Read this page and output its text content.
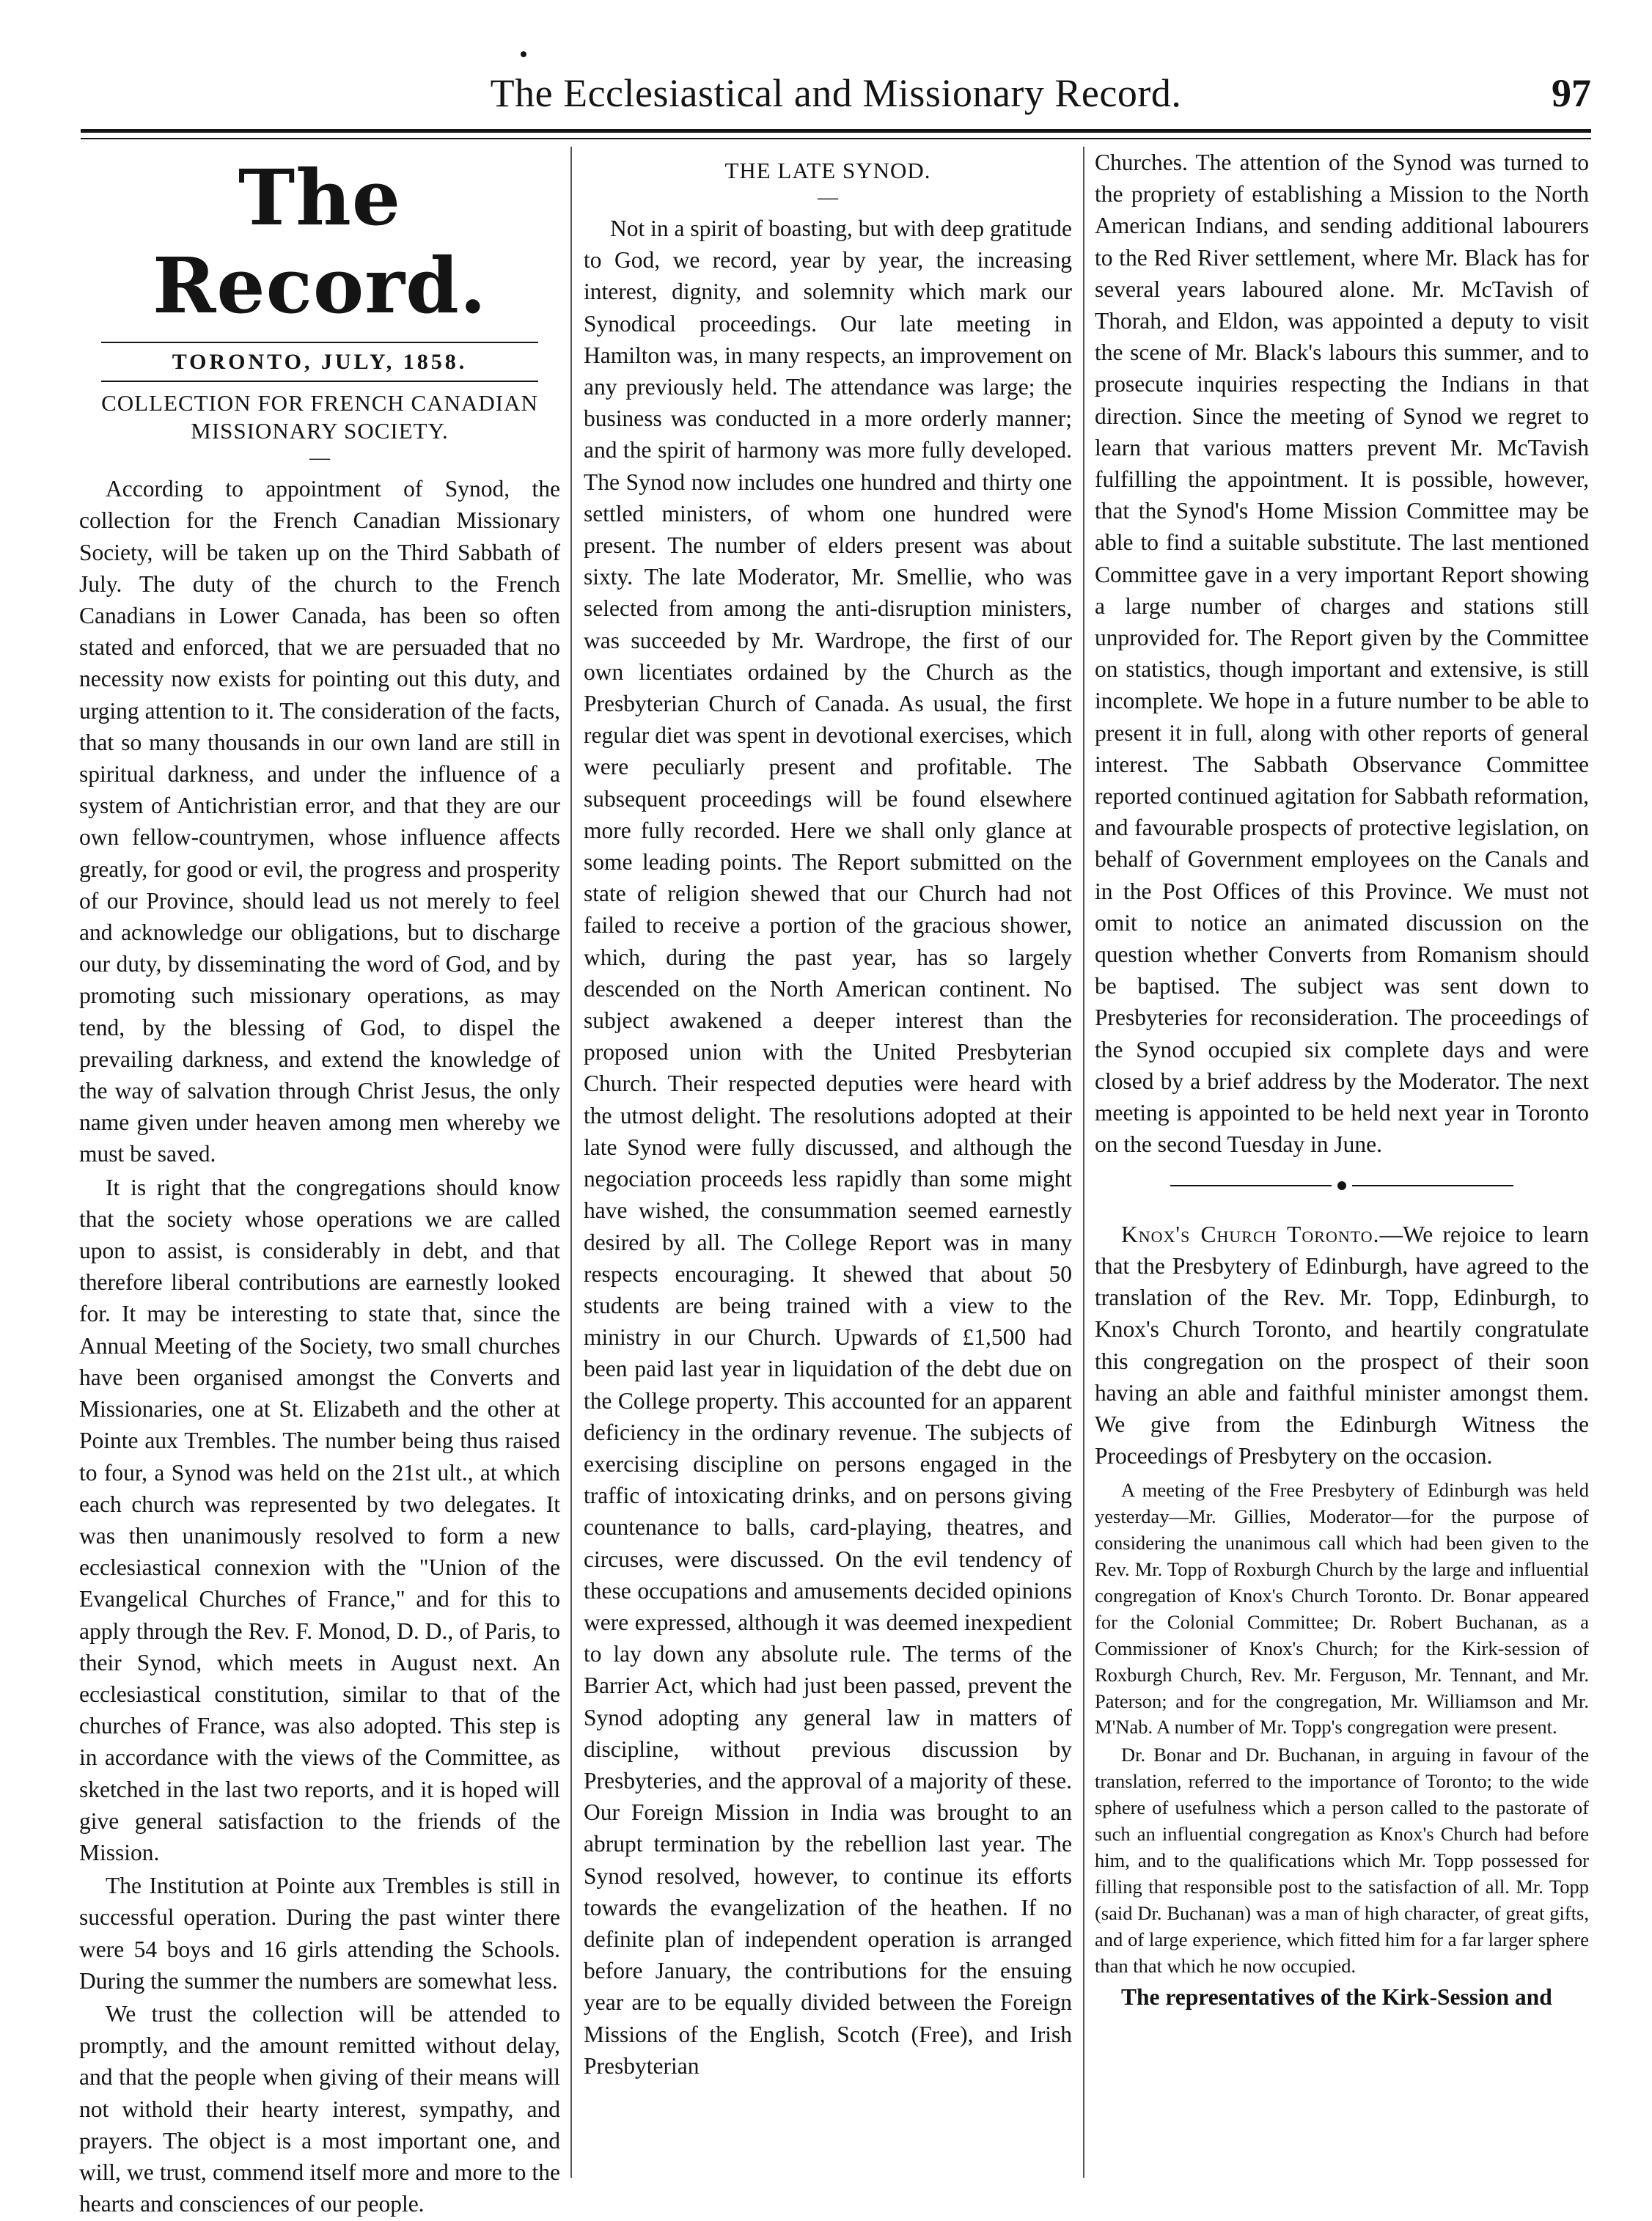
The Ecclesiastical and Missionary Record.	97
The Record.
TORONTO, JULY, 1858.
COLLECTION FOR FRENCH CANADIAN MISSIONARY SOCIETY.
—

According to appointment of Synod, the collection for the French Canadian Missionary Society, will be taken up on the Third Sabbath of July. The duty of the church to the French Canadians in Lower Canada, has been so often stated and enforced, that we are persuaded that no necessity now exists for pointing out this duty, and urging attention to it. The consideration of the facts, that so many thousands in our own land are still in spiritual darkness, and under the influence of a system of Antichristian error, and that they are our own fellow-countrymen, whose influence affects greatly, for good or evil, the progress and prosperity of our Province, should lead us not merely to feel and acknowledge our obligations, but to discharge our duty, by disseminating the word of God, and by promoting such missionary operations, as may tend, by the blessing of God, to dispel the prevailing darkness, and extend the knowledge of the way of salvation through Christ Jesus, the only name given under heaven among men whereby we must be saved.

It is right that the congregations should know that the society whose operations we are called upon to assist, is considerably in debt, and that therefore liberal contributions are earnestly looked for. It may be interesting to state that, since the Annual Meeting of the Society, two small churches have been organised amongst the Converts and Missionaries, one at St. Elizabeth and the other at Pointe aux Trembles. The number being thus raised to four, a Synod was held on the 21st ult., at which each church was represented by two delegates. It was then unanimously resolved to form a new ecclesiastical connexion with the "Union of the Evangelical Churches of France," and for this to apply through the Rev. F. Monod, D. D., of Paris, to their Synod, which meets in August next. An ecclesiastical constitution, similar to that of the churches of France, was also adopted. This step is in accordance with the views of the Committee, as sketched in the last two reports, and it is hoped will give general satisfaction to the friends of the Mission.

The Institution at Pointe aux Trembles is still in successful operation. During the past winter there were 54 boys and 16 girls attending the Schools. During the summer the numbers are somewhat less.

We trust the collection will be attended to promptly, and the amount remitted without delay, and that the people when giving of their means will not withold their hearty interest, sympathy, and prayers. The object is a most important one, and will, we trust, commend itself more and more to the hearts and consciences of our people.

THE LATE SYNOD.
—

Not in a spirit of boasting, but with deep gratitude to God, we record, year by year, the increasing interest, dignity, and solemnity which mark our Synodical proceedings. Our late meeting in Hamilton was, in many respects, an improvement on any previously held. The attendance was large; the business was conducted in a more orderly manner; and the spirit of harmony was more fully developed. The Synod now includes one hundred and thirty one settled ministers, of whom one hundred were present. The number of elders present was about sixty. The late Moderator, Mr. Smellie, who was selected from among the anti-disruption ministers, was succeeded by Mr. Wardrope, the first of our own licentiates ordained by the Church as the Presbyterian Church of Canada. As usual, the first regular diet was spent in devotional exercises, which were peculiarly present and profitable. The subsequent proceedings will be found elsewhere more fully recorded. Here we shall only glance at some leading points. The Report submitted on the state of religion shewed that our Church had not failed to receive a portion of the gracious shower, which, during the past year, has so largely descended on the North American continent. No subject awakened a deeper interest than the proposed union with the United Presbyterian Church. Their respected deputies were heard with the utmost delight. The resolutions adopted at their late Synod were fully discussed, and although the negociation proceeds less rapidly than some might have wished, the consummation seemed earnestly desired by all. The College Report was in many respects encouraging. It shewed that about 50 students are being trained with a view to the ministry in our Church. Upwards of £1,500 had been paid last year in liquidation of the debt due on the College property. This accounted for an apparent deficiency in the ordinary revenue. The subjects of exercising discipline on persons engaged in the traffic of intoxicating drinks, and on persons giving countenance to balls, card-playing, theatres, and circuses, were discussed. On the evil tendency of these occupations and amusements decided opinions were expressed, although it was deemed inexpedient to lay down any absolute rule. The terms of the Barrier Act, which had just been passed, prevent the Synod adopting any general law in matters of discipline, without previous discussion by Presbyteries, and the approval of a majority of these. Our Foreign Mission in India was brought to an abrupt termination by the rebellion last year. The Synod resolved, however, to continue its efforts towards the evangelization of the heathen. If no definite plan of independent operation is arranged before January, the contributions for the ensuing year are to be equally divided between the Foreign Missions of the English, Scotch (Free), and Irish Presbyterian

Churches. The attention of the Synod was turned to the propriety of establishing a Mission to the North American Indians, and sending additional labourers to the Red River settlement, where Mr. Black has for several years laboured alone. Mr. McTavish of Thorah, and Eldon, was appointed a deputy to visit the scene of Mr. Black's labours this summer, and to prosecute inquiries respecting the Indians in that direction. Since the meeting of Synod we regret to learn that various matters prevent Mr. McTavish fulfilling the appointment. It is possible, however, that the Synod's Home Mission Committee may be able to find a suitable substitute. The last mentioned Committee gave in a very important Report showing a large number of charges and stations still unprovided for. The Report given by the Committee on statistics, though important and extensive, is still incomplete. We hope in a future number to be able to present it in full, along with other reports of general interest. The Sabbath Observance Committee reported continued agitation for Sabbath reformation, and favourable prospects of protective legislation, on behalf of Government employees on the Canals and in the Post Offices of this Province. We must not omit to notice an animated discussion on the question whether Converts from Romanism should be baptised. The subject was sent down to Presbyteries for reconsideration. The proceedings of the Synod occupied six complete days and were closed by a brief address by the Moderator. The next meeting is appointed to be held next year in Toronto on the second Tuesday in June.

Knox's Church Toronto.—We rejoice to learn that the Presbytery of Edinburgh, have agreed to the translation of the Rev. Mr. Topp, Edinburgh, to Knox's Church Toronto, and heartily congratulate this congregation on the prospect of their soon having an able and faithful minister amongst them. We give from the Edinburgh Witness the Proceedings of Presbytery on the occasion.

A meeting of the Free Presbytery of Edinburgh was held yesterday—Mr. Gillies, Moderator—for the purpose of considering the unanimous call which had been given to the Rev. Mr. Topp of Roxburgh Church by the large and influential congregation of Knox's Church Toronto. Dr. Bonar appeared for the Colonial Committee; Dr. Robert Buchanan, as a Commissioner of Knox's Church; for the Kirk-session of Roxburgh Church, Rev. Mr. Ferguson, Mr. Tennant, and Mr. Paterson; and for the congregation, Mr. Williamson and Mr. M'Nab. A number of Mr. Topp's congregation were present.

Dr. Bonar and Dr. Buchanan, in arguing in favour of the translation, referred to the importance of Toronto; to the wide sphere of usefulness which a person called to the pastorate of such an influential congregation as Knox's Church had before him, and to the qualifications which Mr. Topp possessed for filling that responsible post to the satisfaction of all. Mr. Topp (said Dr. Buchanan) was a man of high character, of great gifts, and of large experience, which fitted him for a far larger sphere than that which he now occupied.

The representatives of the Kirk-Session and
